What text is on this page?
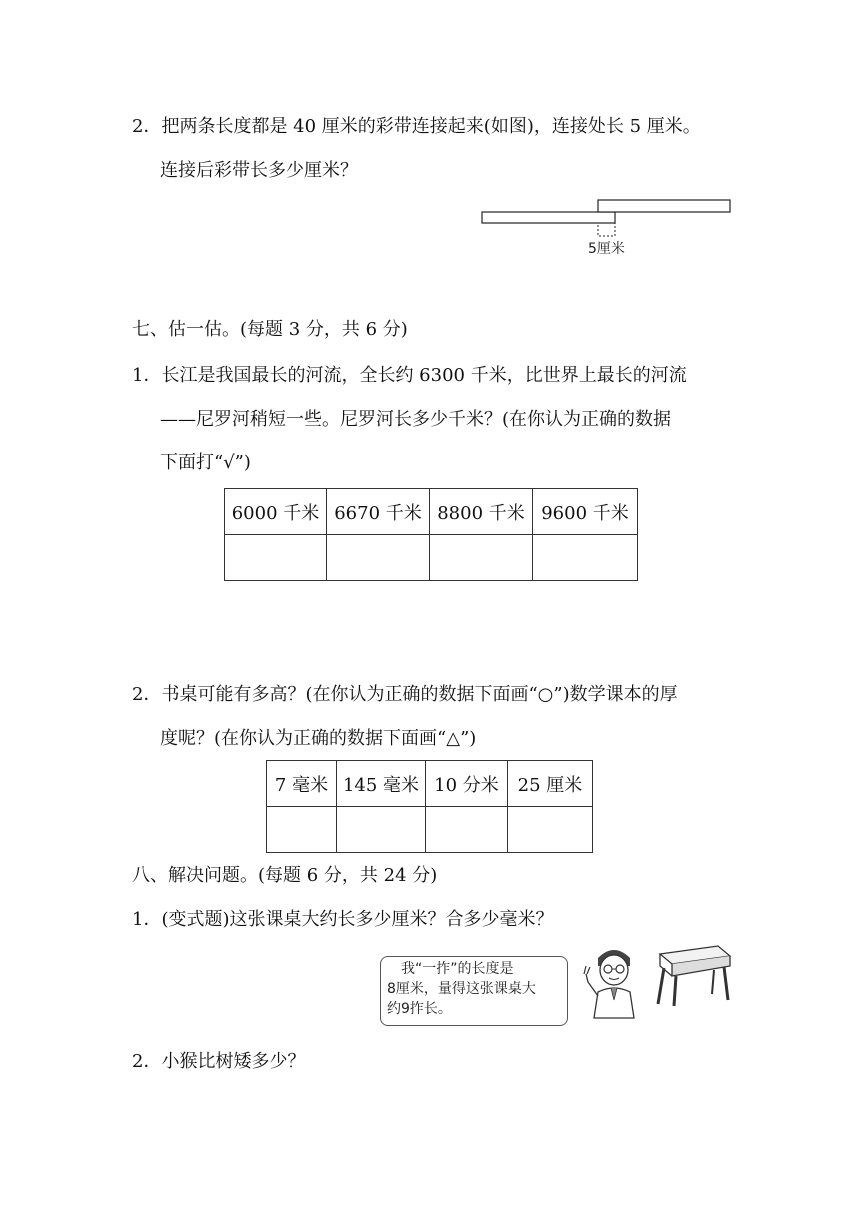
2．把两条长度都是 40 厘米的彩带连接起来(如图)，连接处长 5 厘米。
连接后彩带长多少厘米？
5厘米
七、估一估。(每题 3 分，共 6 分)
1．长江是我国最长的河流，全长约 6300 千米，比世界上最长的河流
——尼罗河稍短一些。尼罗河长多少千米？(在你认为正确的数据
下面打“√”)
6000 千米	6670 千米	8800 千米	9600 千米

2．书桌可能有多高？(在你认为正确的数据下面画“○”)数学课本的厚
度呢？(在你认为正确的数据下面画“△”)
7 毫米	145 毫米	10 分米	25 厘米

八、解决问题。(每题 6 分，共 24 分)
1．(变式题)这张课桌大约长多少厘米？合多少毫米？
我“一拃”的长度是
8厘米，量得这张课桌大
约9拃长。
2．小猴比树矮多少？
